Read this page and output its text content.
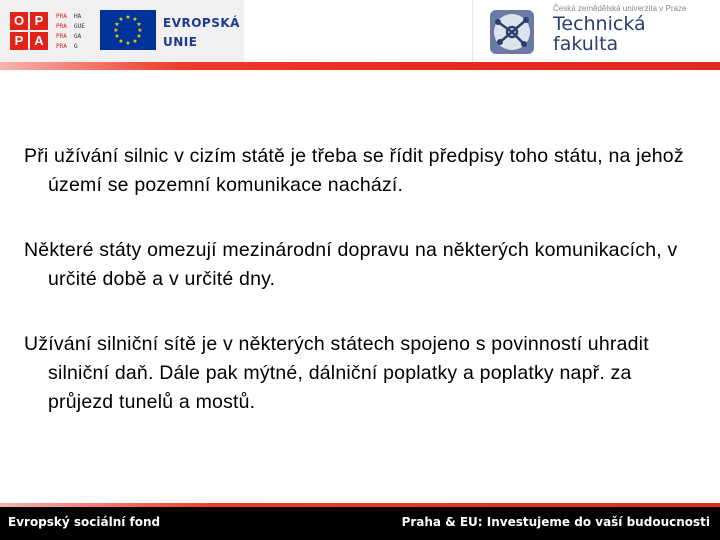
O P
P A
PRA	HA
PRA	GUE
PRA	GA
PRA	G
★ ★
★
★
★
★
★
★
★
★
★
★	EVROPSKÁ
UNIE
Česká zemědělská univerzita v Praze
Technická
fakulta

Při užívání silnic v cizím státě je třeba se řídit předpisy toho státu, na jehož území se pozemní komunikace nachází.

Některé státy omezují mezinárodní dopravu na některých komunikacích, v určité době a v určité dny.

Užívání silniční sítě je v některých státech spojeno s povinností uhradit silniční daň. Dále pak mýtné, dálniční poplatky a poplatky např. za průjezd tunelů a mostů.

Evropský sociální fond	Praha & EU: Investujeme do vaší budoucnosti
